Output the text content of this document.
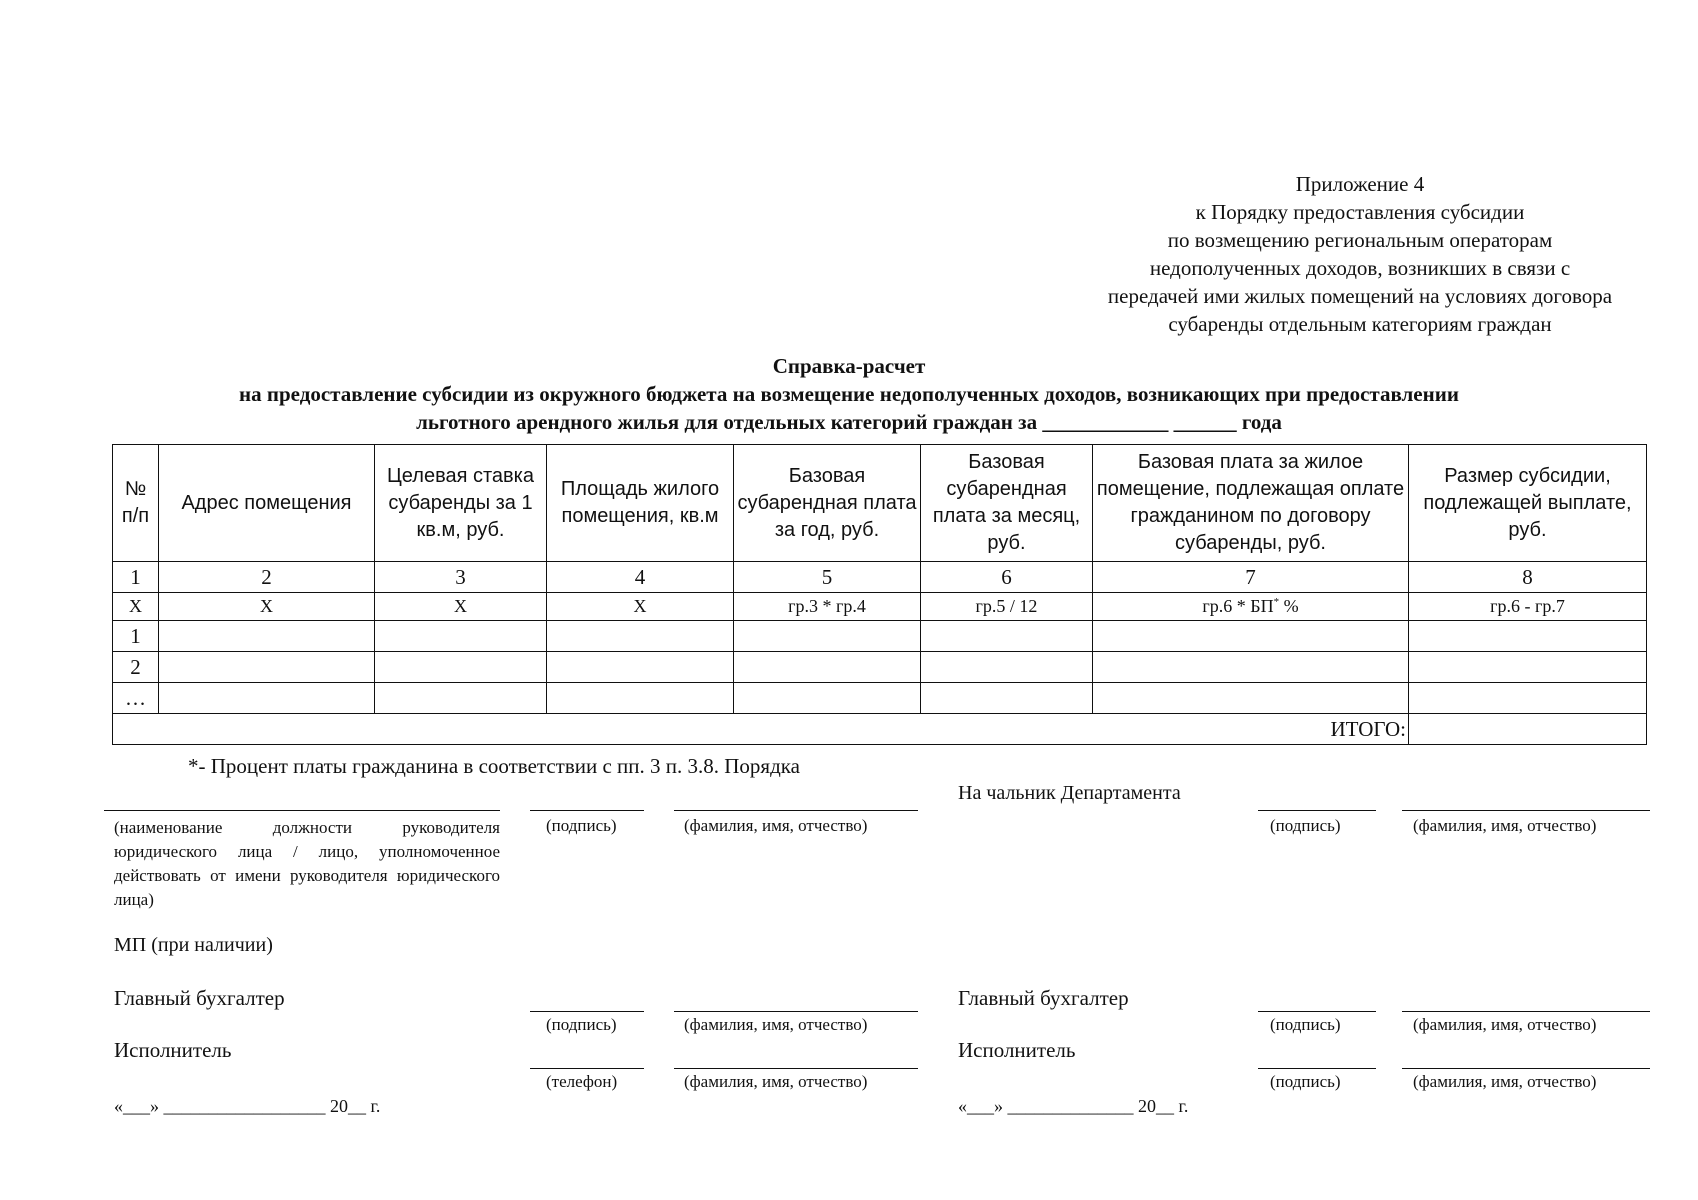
Приложение 4
к Порядку предоставления субсидии
по возмещению региональным операторам
недополученных доходов, возникших в связи с
передачей ими жилых помещений на условиях договора
субаренды отдельным категориям граждан
Справка-расчет
на предоставление субсидии из окружного бюджета на возмещение недополученных доходов, возникающих при предоставлении
льготного арендного жилья для отдельных категорий граждан за ____________ ______ года
№ п/п	Адрес помещения	Целевая ставка субаренды за 1 кв.м, руб.	Площадь жилого помещения, кв.м	Базовая субарендная плата за год, руб.	Базовая субарендная плата за месяц, руб.	Базовая плата за жилое помещение, подлежащая оплате гражданином по договору субаренды, руб.	Размер субсидии, подлежащей выплате, руб.
1	2	3	4	5	6	7	8
Х	Х	Х	Х	гр.3 * гр.4	гр.5 / 12	гр.6 * БП* %	гр.6 - гр.7
1							
2							
…							
ИТОГО:							
*- Процент платы гражданина в соответствии с пп. 3 п. 3.8. Порядка
На чальник Департамента
(наименование должности руководителя юридического лица / лицо, уполномоченное действовать от имени руководителя юридического лица)
(подпись)	(фамилия, имя, отчество)	(подпись)	(фамилия, имя, отчество)
МП (при наличии)
Главный бухгалтер	Главный бухгалтер
(подпись)	(фамилия, имя, отчество)	(подпись)	(фамилия, имя, отчество)
Исполнитель	Исполнитель
(телефон)	(фамилия, имя, отчество)	(подпись)	(фамилия, имя, отчество)
«___» __________________ 20__ г.	«___» ______________ 20__ г.
